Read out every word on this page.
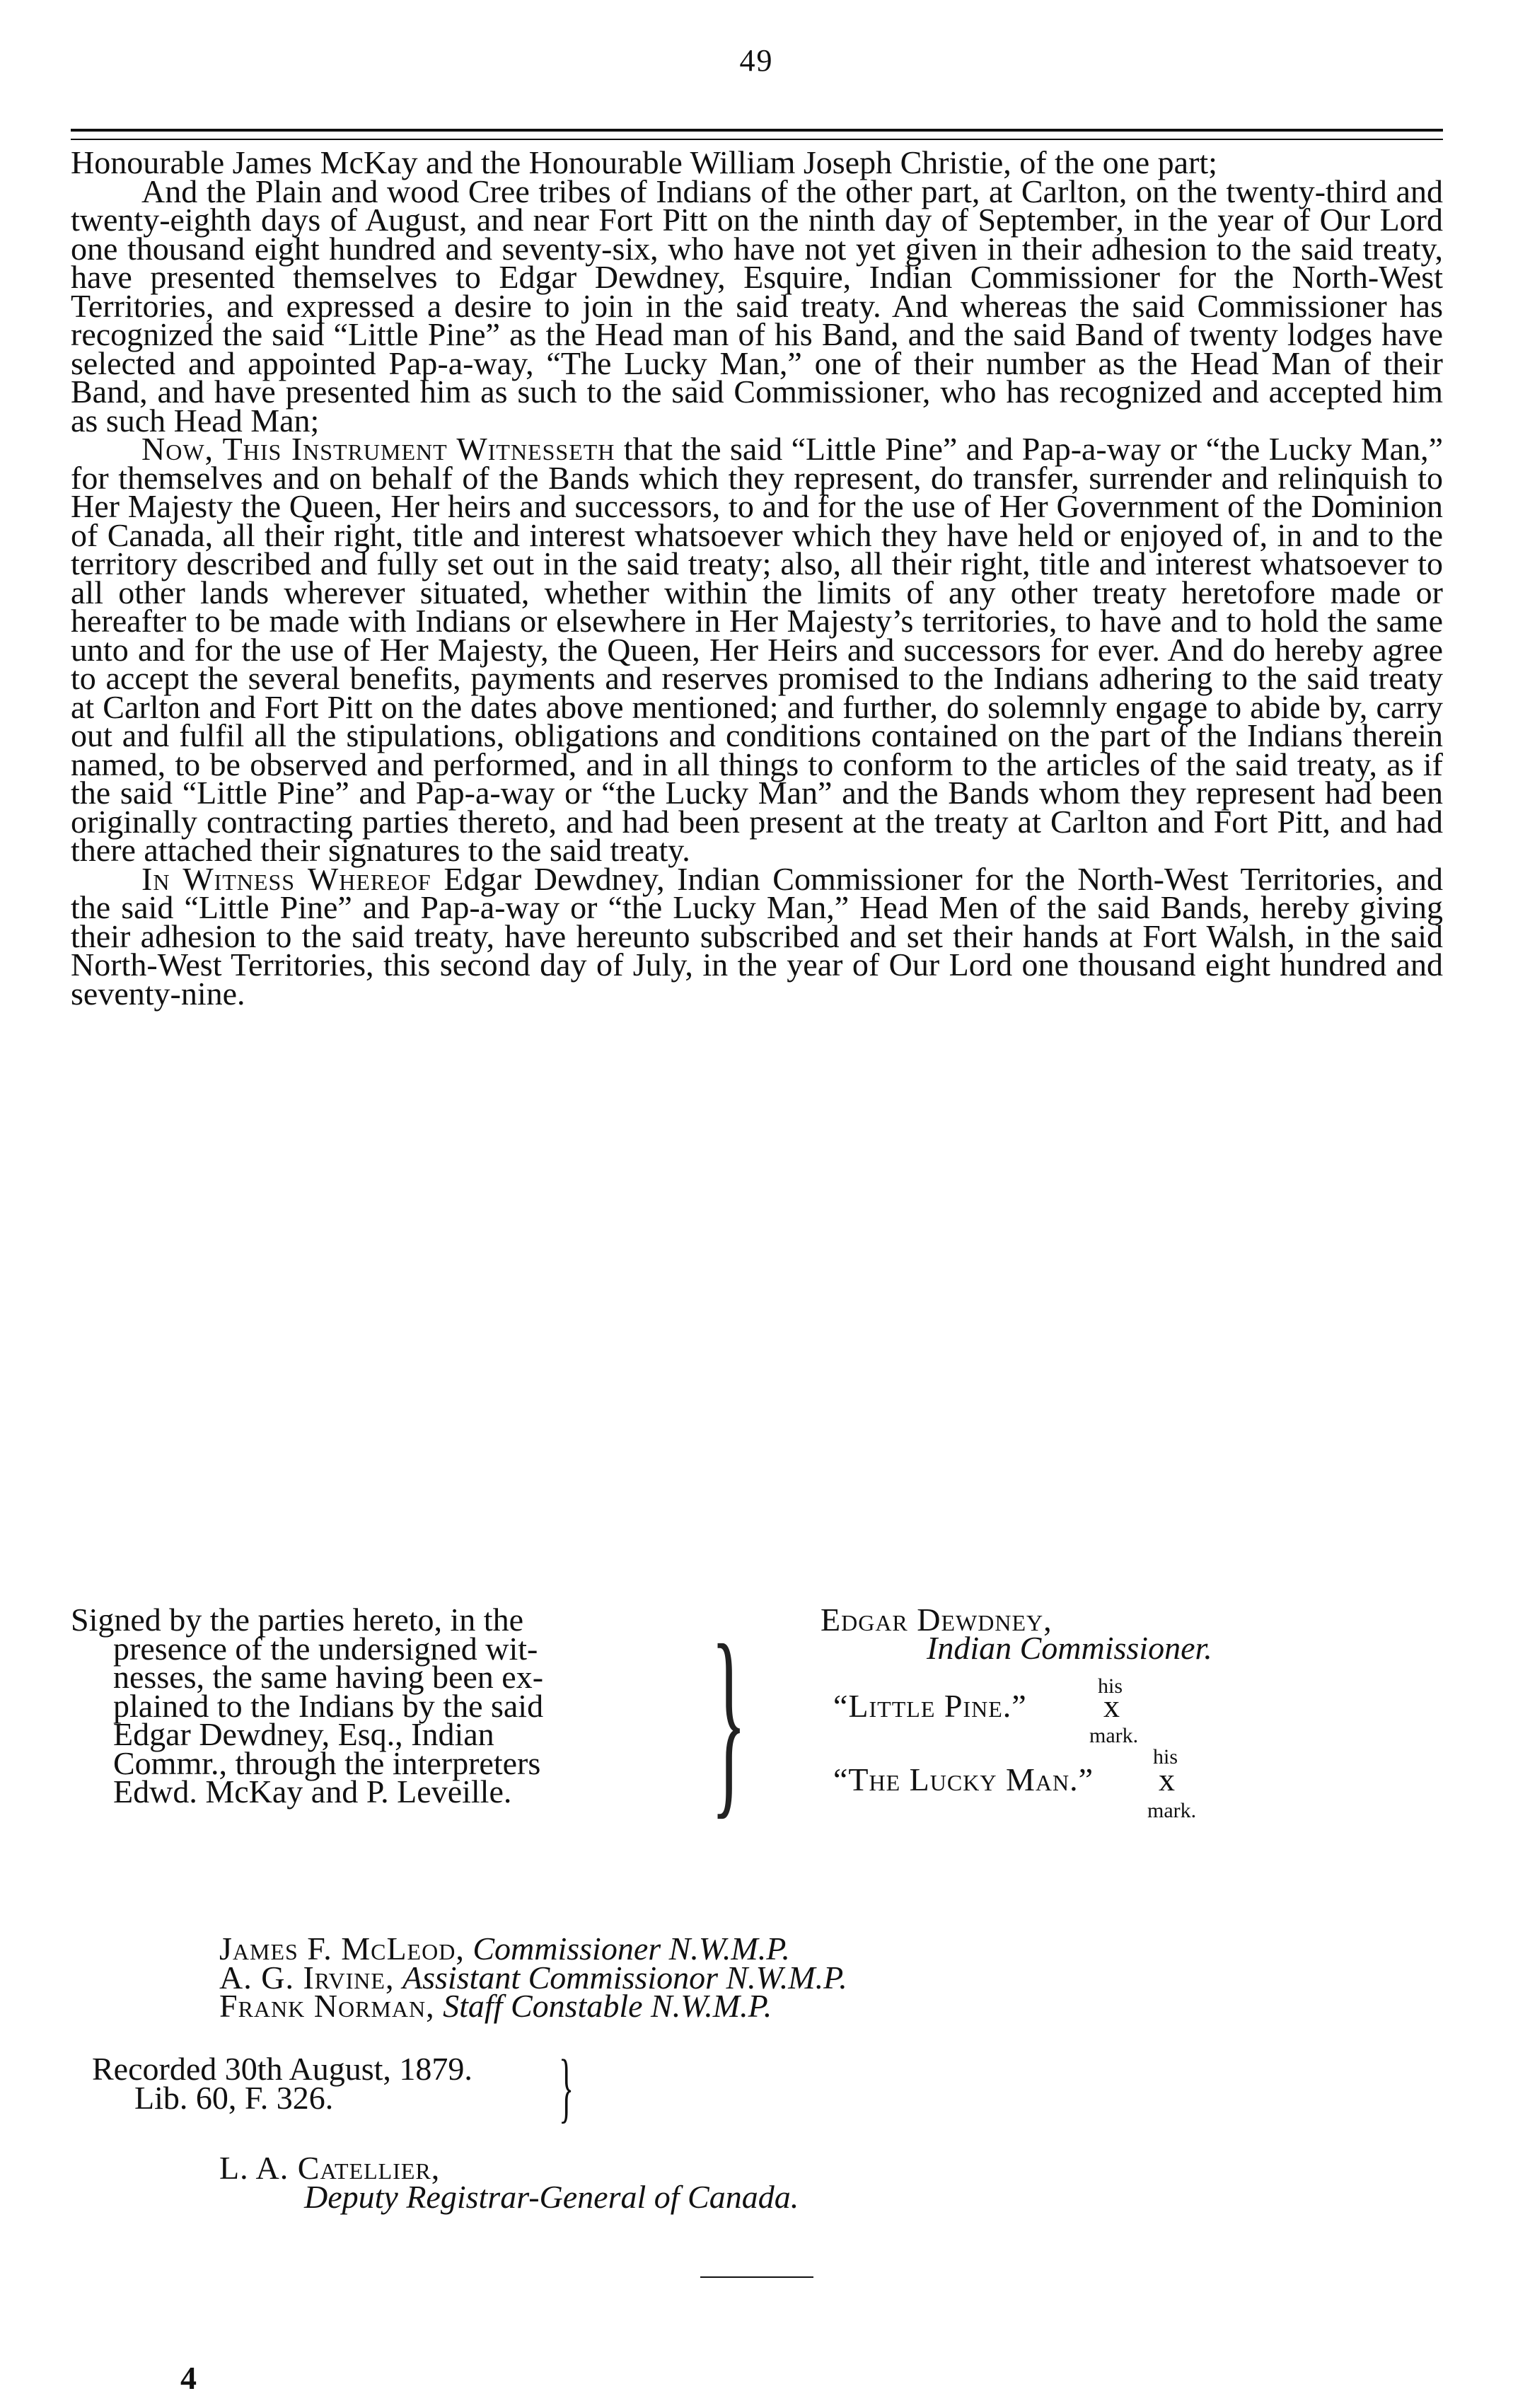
49

Honourable James McKay and the Honourable William Joseph Christie, of the one part;

And the Plain and wood Cree tribes of Indians of the other part, at Carlton, on the twenty-third and twenty-eighth days of August, and near Fort Pitt on the ninth day of September, in the year of Our Lord one thousand eight hundred and seventy-six, who have not yet given in their adhesion to the said treaty, have presented themselves to Edgar Dewdney, Esquire, Indian Commissioner for the North-West Territories, and expressed a desire to join in the said treaty. And whereas the said Commissioner has recognized the said “Little Pine” as the Head man of his Band, and the said Band of twenty lodges have selected and appointed Pap-a-way, “The Lucky Man,” one of their number as the Head Man of their Band, and have presented him as such to the said Commissioner, who has recognized and accepted him as such Head Man;

Now, This Instrument Witnesseth that the said “Little Pine” and Pap-a-way or “the Lucky Man,” for themselves and on behalf of the Bands which they represent, do transfer, surrender and relinquish to Her Majesty the Queen, Her heirs and successors, to and for the use of Her Government of the Dominion of Canada, all their right, title and interest whatsoever which they have held or enjoyed of, in and to the territory described and fully set out in the said treaty; also, all their right, title and interest whatsoever to all other lands wherever situated, whether within the limits of any other treaty heretofore made or hereafter to be made with Indians or elsewhere in Her Majesty’s territories, to have and to hold the same unto and for the use of Her Majesty, the Queen, Her Heirs and successors for ever. And do hereby agree to accept the several benefits, payments and reserves promised to the Indians adhering to the said treaty at Carlton and Fort Pitt on the dates above mentioned; and further, do solemnly engage to abide by, carry out and fulfil all the stipulations, obligations and conditions contained on the part of the Indians therein named, to be observed and performed, and in all things to conform to the articles of the said treaty, as if the said “Little Pine” and Pap-a-way or “the Lucky Man” and the Bands whom they represent had been originally contracting parties thereto, and had been present at the treaty at Carlton and Fort Pitt, and had there attached their signatures to the said treaty.

In Witness Whereof Edgar Dewdney, Indian Commissioner for the North-West Territories, and the said “Little Pine” and Pap-a-way or “the Lucky Man,” Head Men of the said Bands, hereby giving their adhesion to the said treaty, have hereunto subscribed and set their hands at Fort Walsh, in the said North-West Territories, this second day of July, in the year of Our Lord one thousand eight hundred and seventy-nine.

Signed by the parties hereto, in the
presence of the undersigned wit-
nesses, the same having been ex-
plained to the Indians by the said
Edgar Dewdney, Esq., Indian
Commr., through the interpreters
Edwd. McKay and P. Leveille. } Edgar Dewdney,
Indian Commissioner.
his
“Little Pine.” x
mark.
his
“The Lucky Man.” x
mark.
James F. McLeod, Commissioner N.W.M.P.
A. G. Irvine, Assistant Commissionor N.W.M.P.
Frank Norman, Staff Constable N.W.M.P.
Recorded 30th August, 1879.
Lib. 60, F. 326.	}
L. A. Catellier,
Deputy Registrar-General of Canada.
4
